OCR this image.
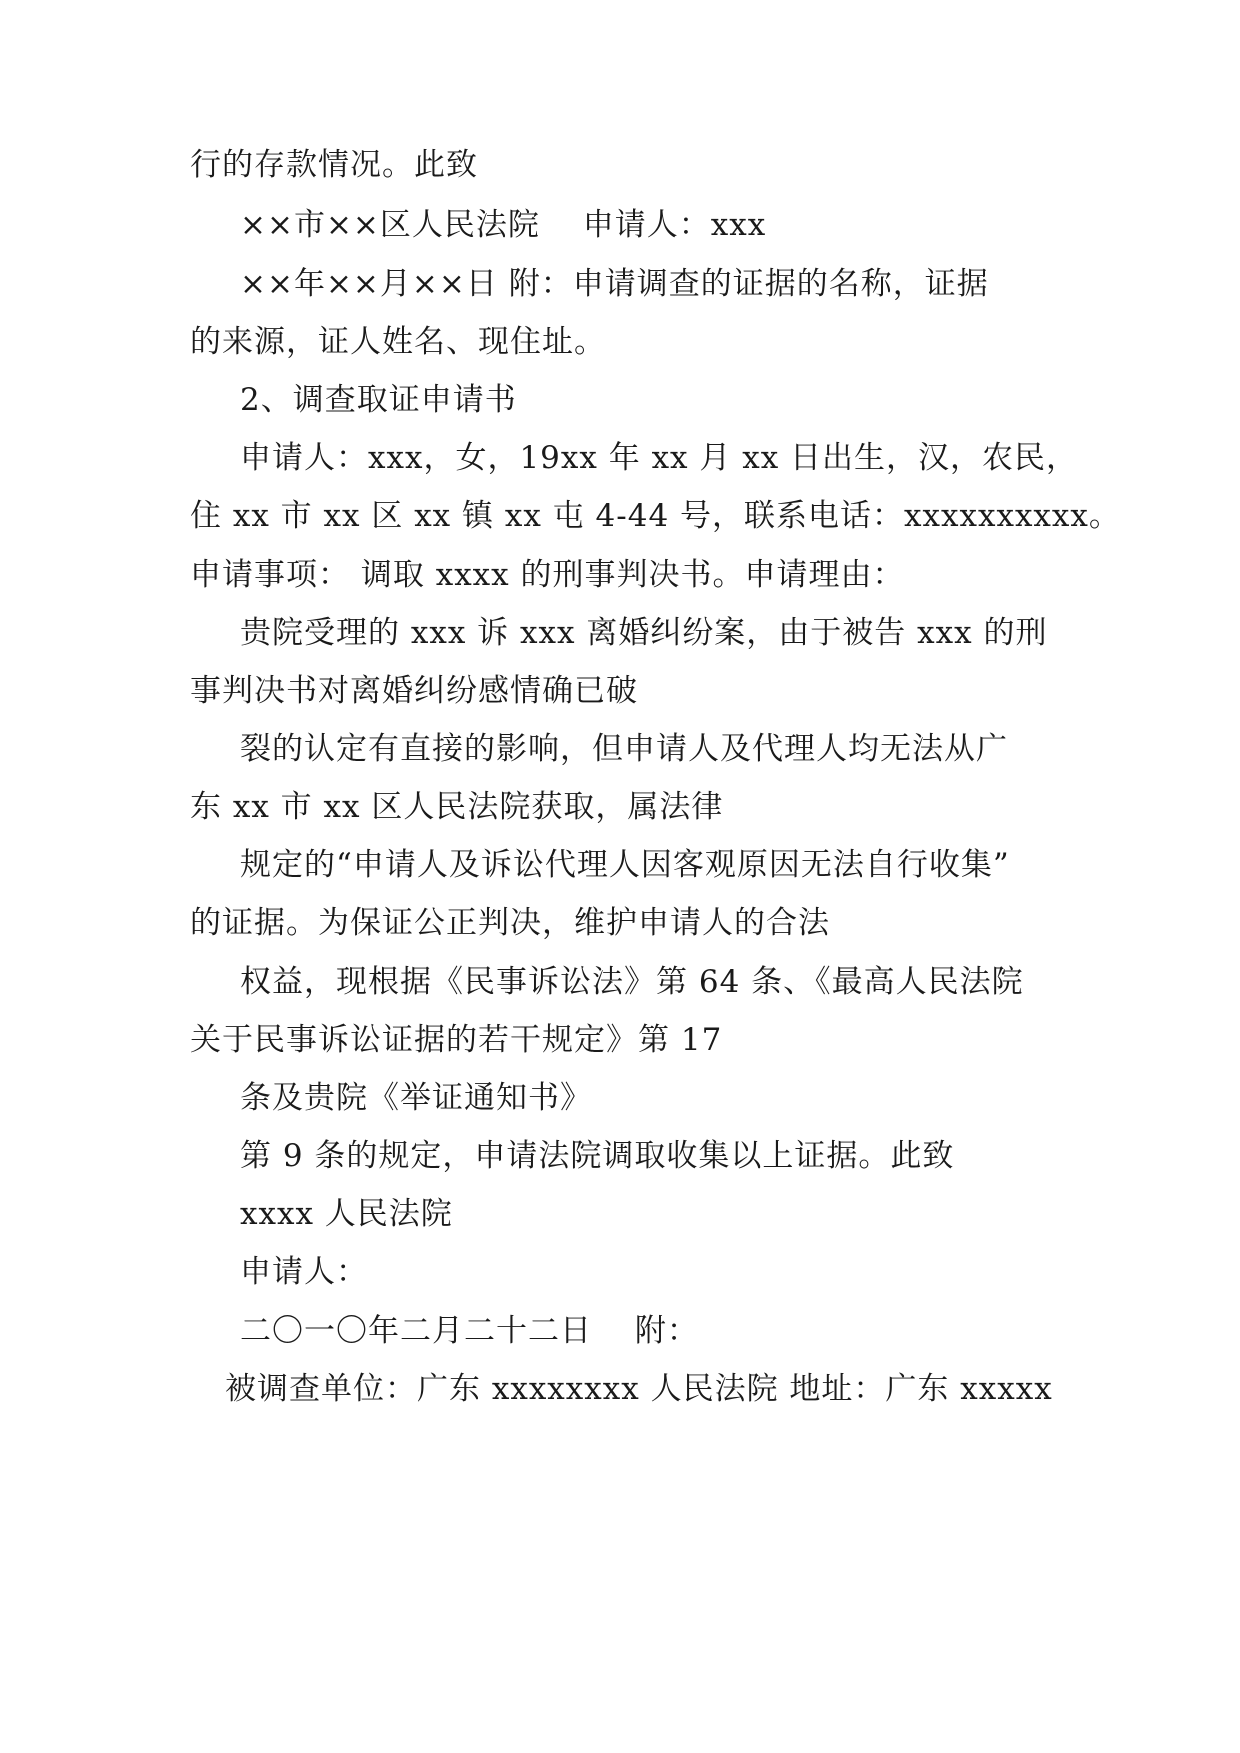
行的存款情况。此致
××市××区人民法院　 申请人：xxx
××年××月××日 附：申请调查的证据的名称，证据
的来源，证人姓名、现住址。
2、调查取证申请书
申请人：xxx，女，19xx 年 xx 月 xx 日出生，汉，农民，
住 xx 市 xx 区 xx 镇 xx 屯 4-44 号，联系电话：xxxxxxxxxx。
申请事项： 调取 xxxx 的刑事判决书。申请理由：
贵院受理的 xxx 诉 xxx 离婚纠纷案，由于被告 xxx 的刑
事判决书对离婚纠纷感情确已破
裂的认定有直接的影响，但申请人及代理人均无法从广
东 xx 市 xx 区人民法院获取，属法律
规定的“申请人及诉讼代理人因客观原因无法自行收集”
的证据。为保证公正判决，维护申请人的合法
权益，现根据《民事诉讼法》第 64 条、《最高人民法院
关于民事诉讼证据的若干规定》第 17
条及贵院《举证通知书》
第 9 条的规定，申请法院调取收集以上证据。此致
xxxx 人民法院
申请人：
二〇一〇年二月二十二日　 附：
被调查单位：广东 xxxxxxxx 人民法院 地址：广东 xxxxx
